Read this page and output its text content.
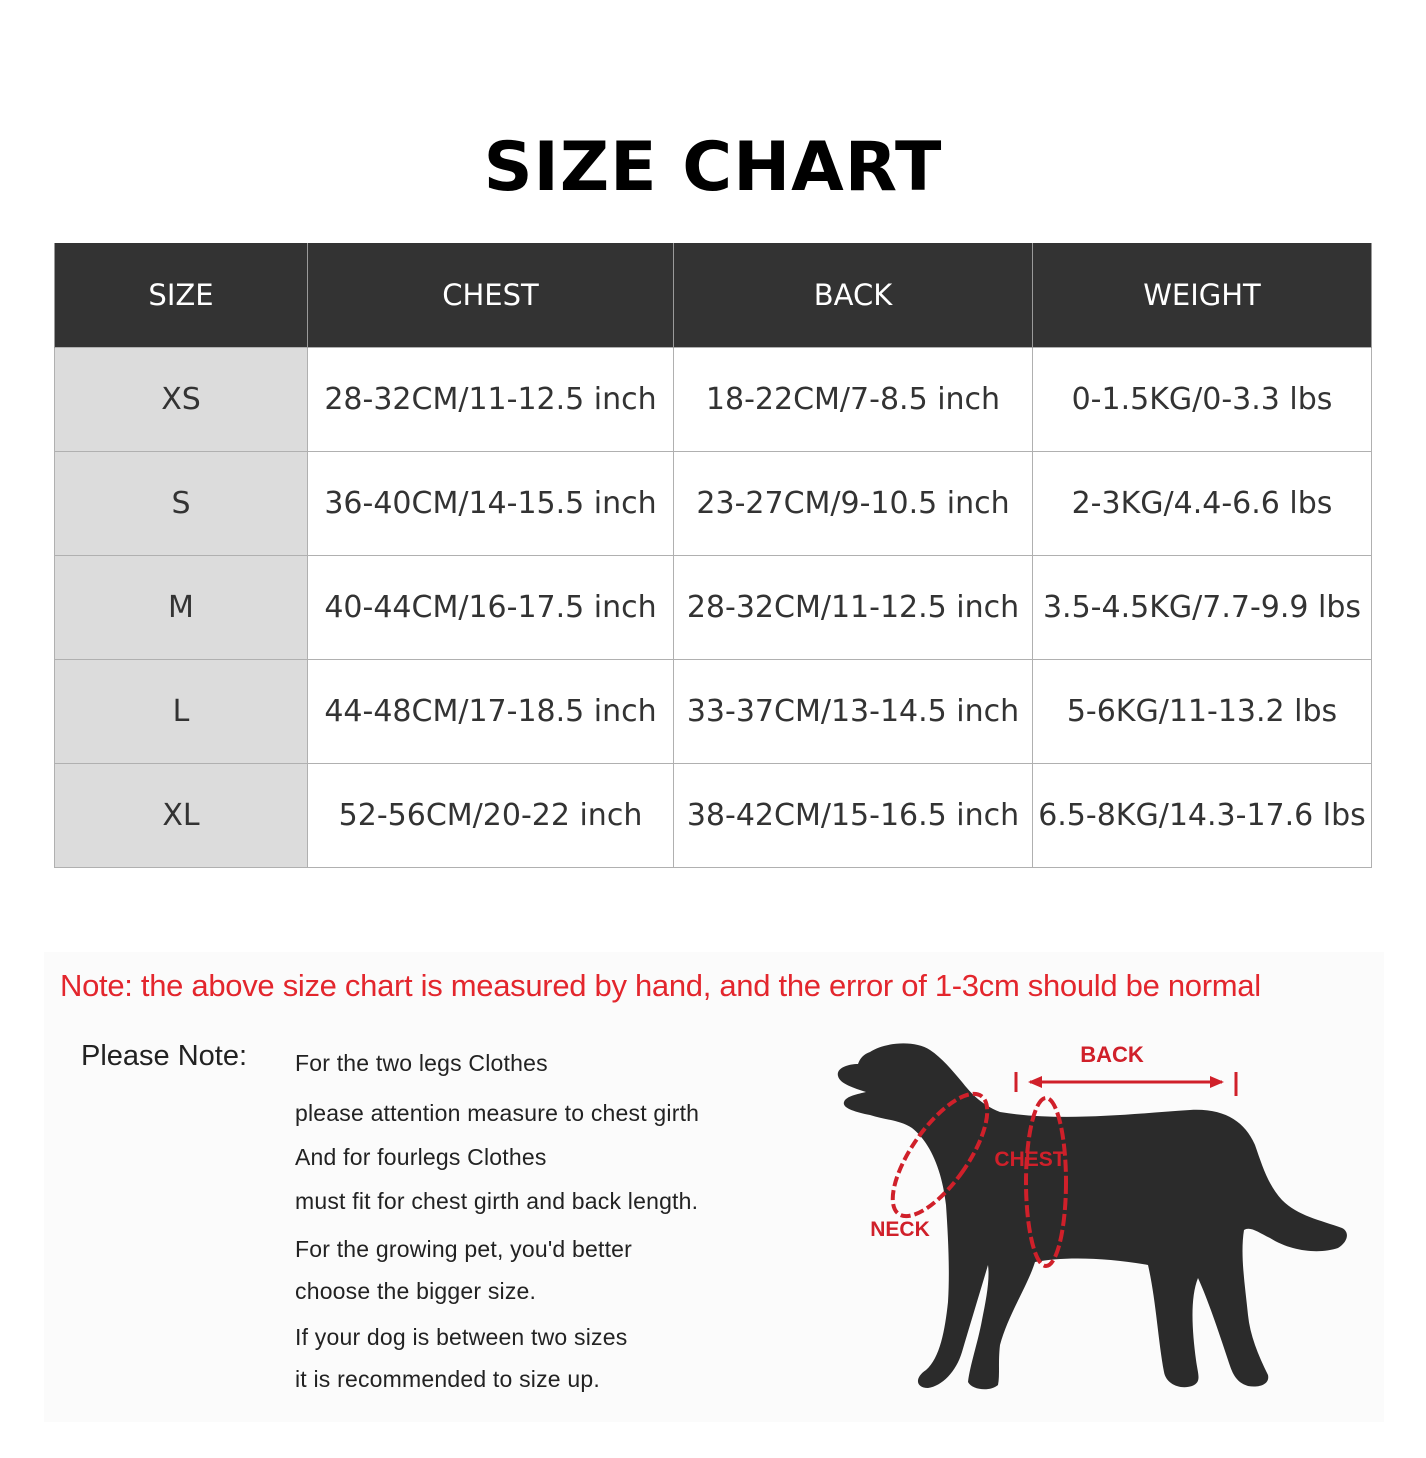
SIZE CHART
SIZE	CHEST	BACK	WEIGHT
XS	28-32CM/11-12.5 inch	18-22CM/7-8.5 inch	0-1.5KG/0-3.3 lbs
S	36-40CM/14-15.5 inch	23-27CM/9-10.5 inch	2-3KG/4.4-6.6 lbs
M	40-44CM/16-17.5 inch	28-32CM/11-12.5 inch	3.5-4.5KG/7.7-9.9 lbs
L	44-48CM/17-18.5 inch	33-37CM/13-14.5 inch	5-6KG/11-13.2 lbs
XL	52-56CM/20-22 inch	38-42CM/15-16.5 inch	6.5-8KG/14.3-17.6 lbs
Note: the above size chart is measured by hand, and the error of 1-3cm should be normal
Please Note: For the two legs Clothes
please attention measure to chest girth
And for fourlegs Clothes
must fit for chest girth and back length.
For the growing pet, you'd better
choose the bigger size.
If your dog is between two sizes
it is recommended to size up.
BACK
NECK
CHEST
